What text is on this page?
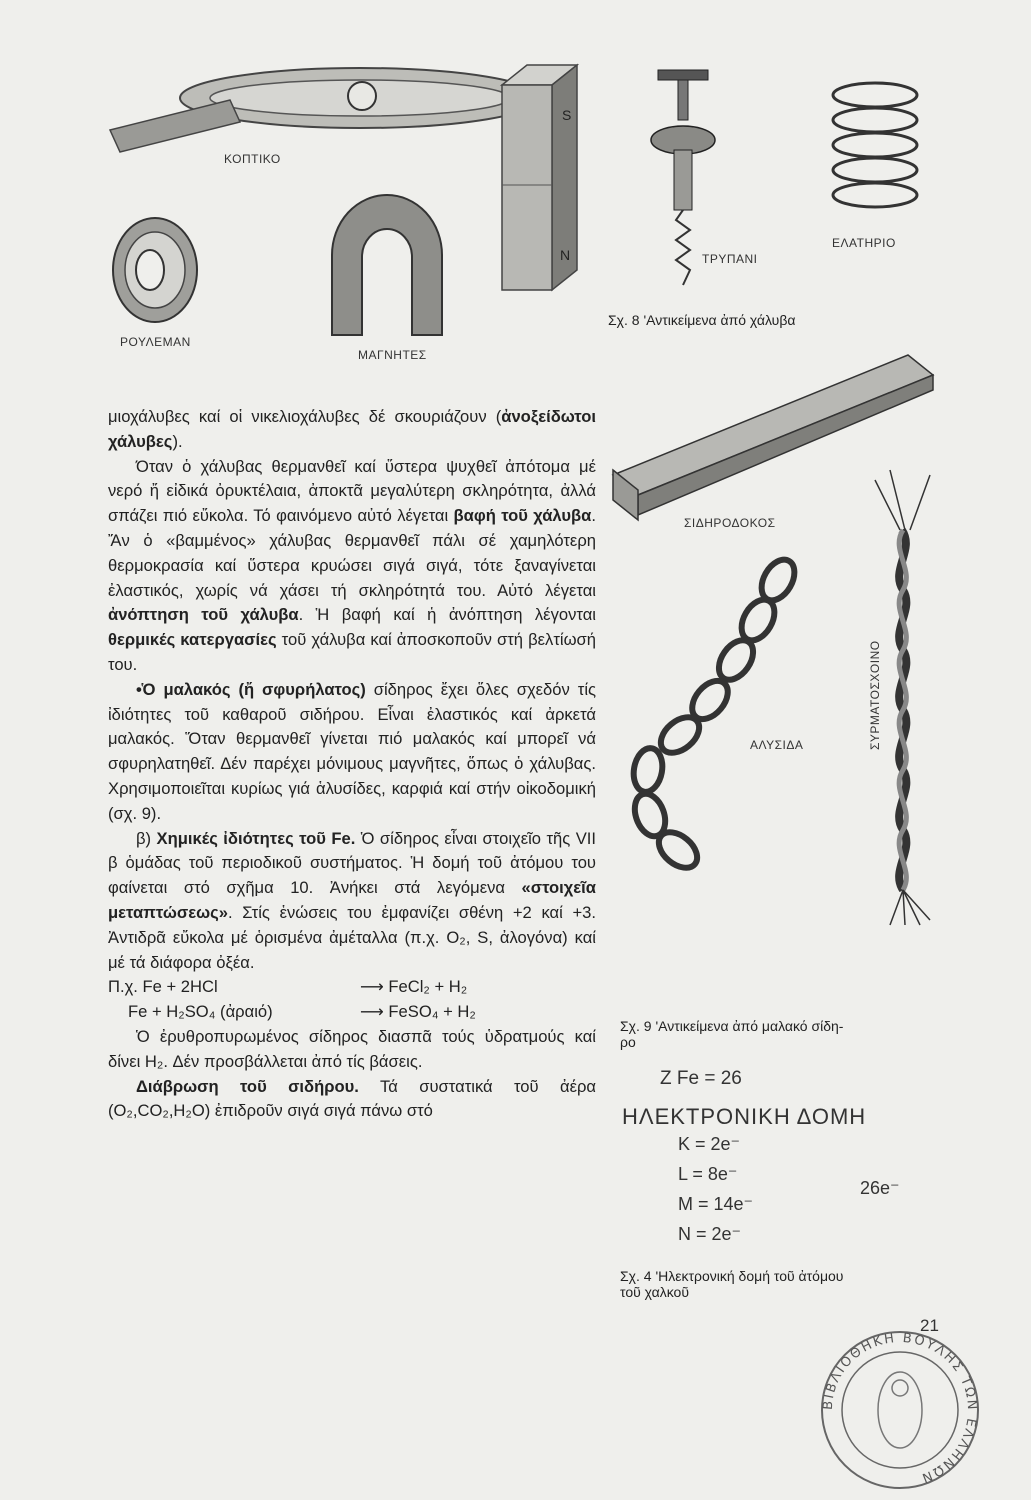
ΚΟΠΤΙΚΟ
S
N
ΡΟΥΛΕΜΑΝ
ΜΑΓΝΗΤΕΣ
ΤΡΥΠΑΝΙ
ΕΛΑΤΗΡΙΟ
Σχ. 8 'Αντικείμενα ἀπό χάλυβα
ΣΙΔΗΡΟΔΟΚΟΣ
ΑΛΥΣΙΔΑ	ΣΥΡΜΑΤΟΣΧΟΙΝΟ
Σχ. 9 'Αντικείμενα ἀπό μαλακό σίδη-
ρο
Z Fe = 26
ΗΛΕΚΤΡΟΝΙΚΗ ΔΟΜΗ
K = 2e⁻
L = 8e⁻
M = 14e⁻
N = 2e⁻
26e⁻
Σχ. 4 'Ηλεκτρονική δομή τοῦ ἀτόμου
τοῦ χαλκοῦ
21
ΒΙΒΛΙΟΘΗΚΗ ΒΟΥΛΗΣ ΤΩΝ ΕΛΛΗΝΩΝ

μιοχάλυβες καί οἱ νικελιοχάλυβες δέ σκουριάζουν (ἀνοξείδωτοι χάλυβες).

Όταν ὁ χάλυβας θερμανθεῖ καί ὕστερα ψυχθεῖ ἀπότομα μέ νερό ἤ εἰδικά ὀρυκτέλαια, ἀποκτᾶ μεγαλύτερη σκληρότητα, ἀλλά σπάζει πιό εὔκολα. Τό φαινόμενο αὐτό λέγεται βαφή τοῦ χάλυβα. Ἄν ὁ «βαμμένος» χάλυβας θερμανθεῖ πάλι σέ χαμηλότερη θερμοκρασία καί ὕστερα κρυώσει σιγά σιγά, τότε ξαναγίνεται ἐλαστικός, χωρίς νά χάσει τή σκληρότητά του. Αὐτό λέγεται ἀνόπτηση τοῦ χάλυβα. Ἡ βαφή καί ἡ ἀνόπτηση λέγονται θερμικές κατεργασίες τοῦ χάλυβα καί ἀποσκοποῦν στή βελτίωσή του.

•Ὁ μαλακός (ἤ σφυρήλατος) σίδηρος ἔχει ὅλες σχεδόν τίς ἰδιότητες τοῦ καθαροῦ σιδήρου. Εἶναι ἐλαστικός καί ἀρκετά μαλακός. Ὅταν θερμανθεῖ γίνεται πιό μαλακός καί μπορεῖ νά σφυρηλατηθεῖ. Δέν παρέχει μόνιμους μαγνῆτες, ὅπως ὁ χάλυβας. Χρησιμοποιεῖται κυρίως γιά ἁλυσίδες, καρφιά καί στήν οἰκοδομική (σχ. 9).

β) Χημικές ἰδιότητες τοῦ Fe. Ὁ σίδηρος εἶναι στοιχεῖο τῆς VII β ὁμάδας τοῦ περιοδικοῦ συστήματος. Ἡ δομή τοῦ ἀτόμου του φαίνεται στό σχῆμα 10. Ἀνήκει στά λεγόμενα «στοιχεῖα μεταπτώσεως». Στίς ἑνώσεις του ἐμφανίζει σθένη +2 καί +3. Ἀντιδρᾶ εὔκολα μέ ὁρισμένα ἀμέταλλα (π.χ. O₂, S, ἀλογόνα) καί μέ τά διάφορα ὀξέα.

Π.χ. Fe + 2HCl	⟶ FeCl₂ + H₂
Fe + H₂SO₄ (ἀραιό)	⟶ FeSO₄ + H₂

Ὁ ἐρυθροπυρωμένος σίδηρος διασπᾶ τούς ὑδρατμούς καί δίνει H₂. Δέν προσβάλλεται ἀπό τίς βάσεις.

Διάβρωση τοῦ σιδήρου. Τά συστατικά τοῦ ἀέρα (O₂,CO₂,H₂O) ἐπιδροῦν σιγά σιγά πάνω στό
